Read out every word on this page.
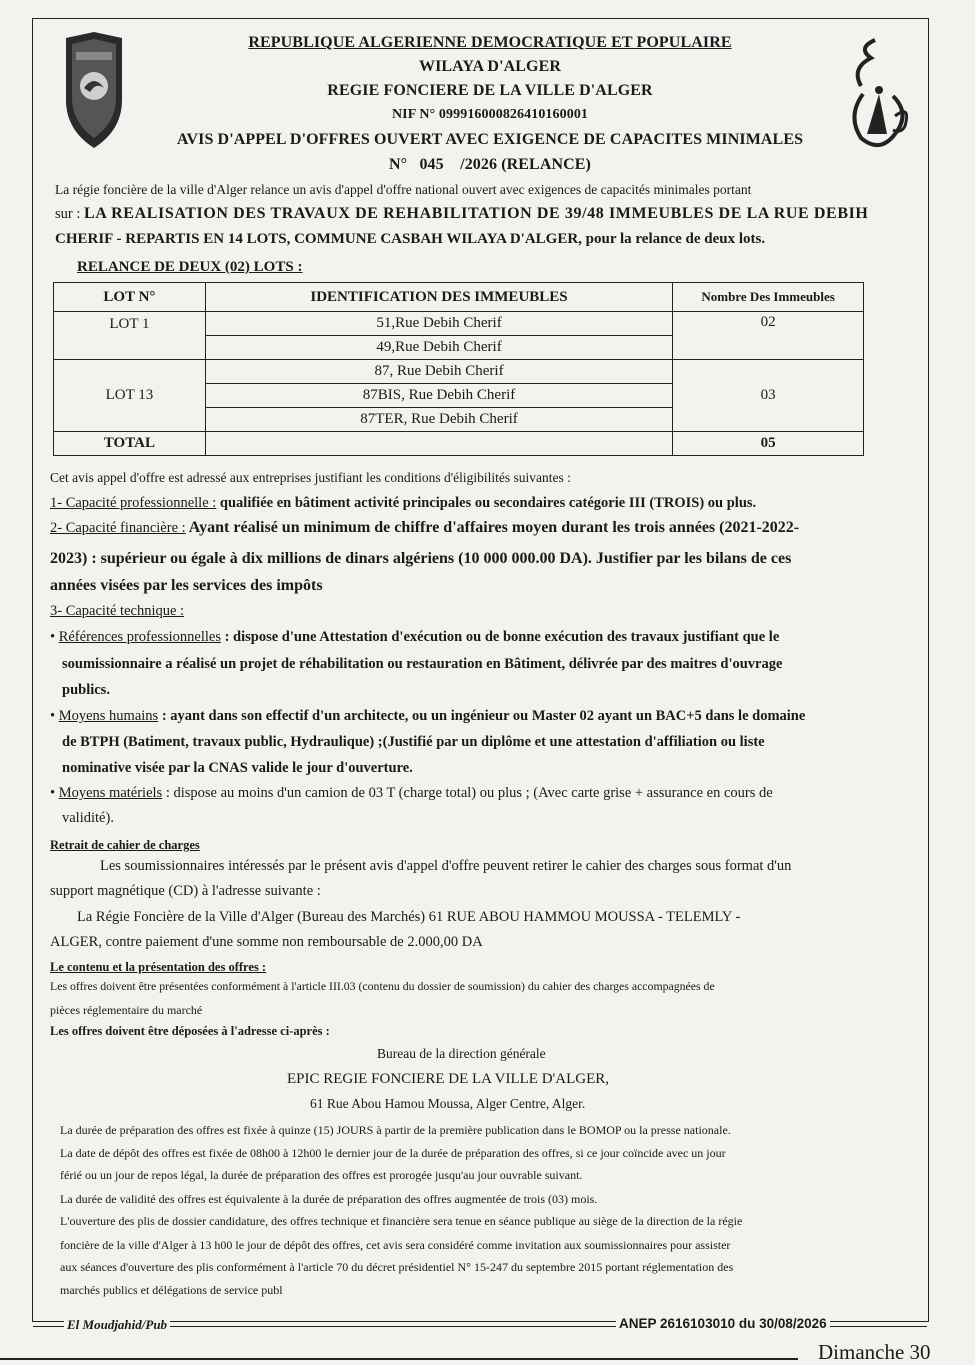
REPUBLIQUE ALGERIENNE DEMOCRATIQUE ET POPULAIRE
WILAYA D'ALGER
REGIE FONCIERE DE LA VILLE D'ALGER
NIF N° 099916000826410160001
AVIS D'APPEL D'OFFRES OUVERT AVEC EXIGENCE DE CAPACITES MINIMALES
N°   045    /2026 (RELANCE)
La régie foncière de la ville d'Alger relance un avis d'appel d'offre national ouvert avec exigences de capacités minimales portant
sur : LA REALISATION DES TRAVAUX DE REHABILITATION DE 39/48 IMMEUBLES DE LA RUE DEBIH
CHERIF - REPARTIS EN 14 LOTS, COMMUNE CASBAH WILAYA D'ALGER, pour la relance de deux lots.
RELANCE DE DEUX (02) LOTS :
LOT N°	IDENTIFICATION DES IMMEUBLES	Nombre Des Immeubles
LOT 1	51,Rue Debih Cherif	02
	49,Rue Debih Cherif	
LOT 13	87, Rue Debih Cherif	03
	87BIS, Rue Debih Cherif	
	87TER, Rue Debih Cherif	
TOTAL		05
Cet avis appel d'offre est adressé aux entreprises justifiant les conditions d'éligibilités suivantes :
1- Capacité professionnelle : qualifiée en bâtiment activité principales ou secondaires catégorie III (TROIS) ou plus.
2- Capacité financière : Ayant réalisé un minimum de chiffre d'affaires moyen durant les trois années (2021-2022-
2023) : supérieur ou égale à dix millions de dinars algériens (10 000 000.00 DA). Justifier par les bilans de ces
années visées par les services des impôts
3- Capacité technique :
• Références professionnelles : dispose d'une Attestation d'exécution ou de bonne exécution des travaux justifiant que le
soumissionnaire a réalisé un projet de réhabilitation ou restauration en Bâtiment, délivrée par des maitres d'ouvrage
publics.
• Moyens humains : ayant dans son effectif d'un architecte, ou un ingénieur ou Master 02 ayant un BAC+5 dans le domaine
de BTPH (Batiment, travaux public, Hydraulique) ;(Justifié par un diplôme et une attestation d'affiliation ou liste
nominative visée par la CNAS valide le jour d'ouverture.
• Moyens matériels : dispose au moins d'un camion de 03 T (charge total) ou plus ; (Avec carte grise + assurance en cours de
validité).
Retrait de cahier de charges
Les soumissionnaires intéressés par le présent avis d'appel d'offre peuvent retirer le cahier des charges sous format d'un
support magnétique (CD) à l'adresse suivante :
La Régie Foncière de la Ville d'Alger (Bureau des Marchés) 61 RUE ABOU HAMMOU MOUSSA - TELEMLY -
ALGER, contre paiement d'une somme non remboursable de 2.000,00 DA
Le contenu et la présentation des offres :
Les offres doivent être présentées conformément à l'article III.03 (contenu du dossier de soumission) du cahier des charges accompagnées de
pièces réglementaire du marché
Les offres doivent être déposées à l'adresse ci-après :
Bureau de la direction générale
EPIC REGIE FONCIERE DE LA VILLE D'ALGER,
61 Rue Abou Hamou Moussa, Alger Centre, Alger.
La durée de préparation des offres est fixée à quinze (15) JOURS à partir de la première publication dans le BOMOP ou la presse nationale.
La date de dépôt des offres est fixée de 08h00 à 12h00 le dernier jour de la durée de préparation des offres, si ce jour coïncide avec un jour
férié ou un jour de repos légal, la durée de préparation des offres est prorogée jusqu'au jour ouvrable suivant.
La durée de validité des offres est équivalente à la durée de préparation des offres augmentée de trois (03) mois.
L'ouverture des plis de dossier candidature, des offres technique et financière sera tenue en séance publique au siège de la direction de la régie
foncière de la ville d'Alger à 13 h00 le jour de dépôt des offres, cet avis sera considéré comme invitation aux soumissionnaires pour assister
aux séances d'ouverture des plis conformément à l'article 70 du décret présidentiel N° 15-247 du septembre 2015 portant réglementation des
marchés publics et délégations de service publ
El Moudjahid/Pub	ANEP 2616103010 du 30/08/2026
Dimanche 30
